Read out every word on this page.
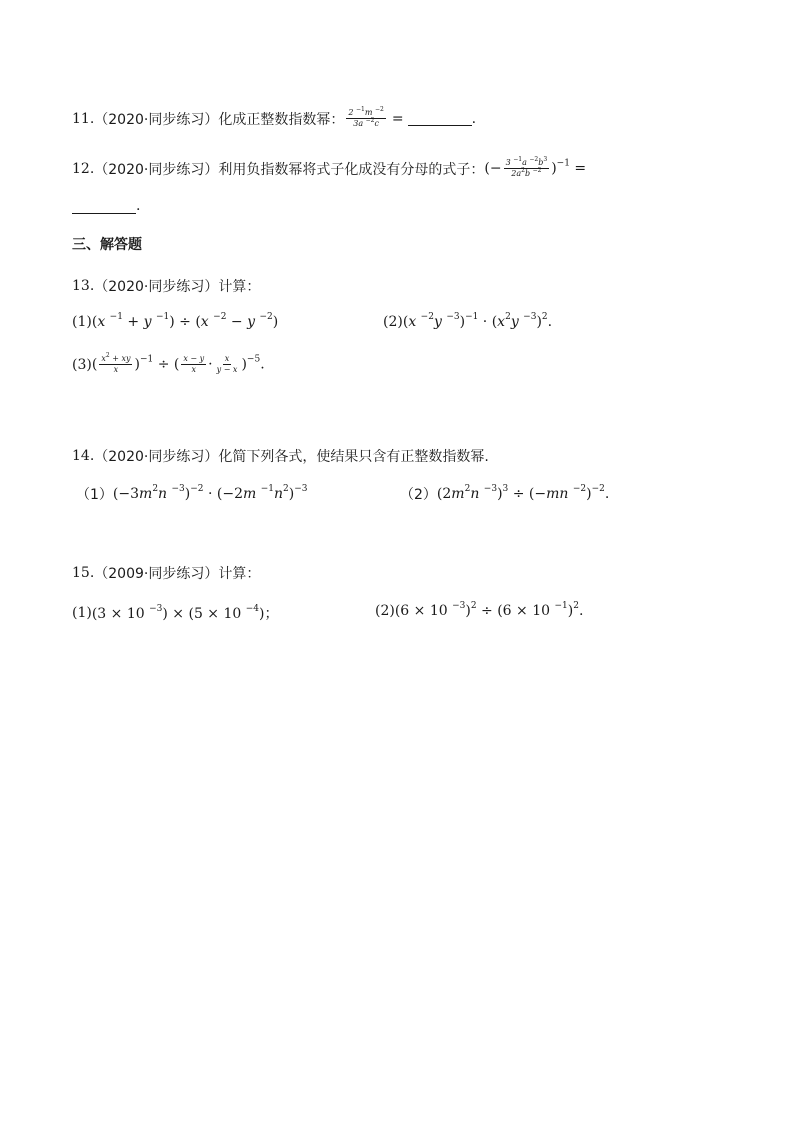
11. （2020·同步练习） 化成正整数指数幂： $\frac{2 ^{-1}m ^{-2}}{3a ^{-2}c}$ =	.
12. （2020·同步练习） 利用负指数幂将式子化成没有分母的式子： (− $\frac{3 ^{-1}a ^{-2}b^3}{2a^2b ^{-2}} )^{-1}$ =
.
三、解答题
13. （2020·同步练习） 计算：
(1) (x $^{-1}$ + y $^{-1}$) ÷ (x $^{-2}$ − y $^{-2}$)	(2) (x $^{-2}$y $^{-3})^{-1} \cdot (x^2y$ $^{-3}$)$^2$.
(3) ( $\frac{x^2 + xy}{x} )^{-1}$ ÷ ( $\frac{x - y}{x} \cdot \frac{x}{y - x} )^{-5}$.
14. （2020·同步练习） 化简下列各式，使结果只含有正整数指数幂.
（1） ($-3m^2n$ $^{-3}$)$^{-2}$ · (−2m $^{-1}n^2)^{-3}$	（2） ($2m^2n$ $^{-3}$)$^3$ ÷ (−mn $^{-2}$)$^{-2}$.
15. （2009·同步练习） 计算：
(1) (3 × 10 $^{-3}$) × (5 × 10 $^{-4}$)；	(2) (6 × 10 $^{-3}$)$^2$ ÷ (6 × 10 $^{-1}$)$^2$.
